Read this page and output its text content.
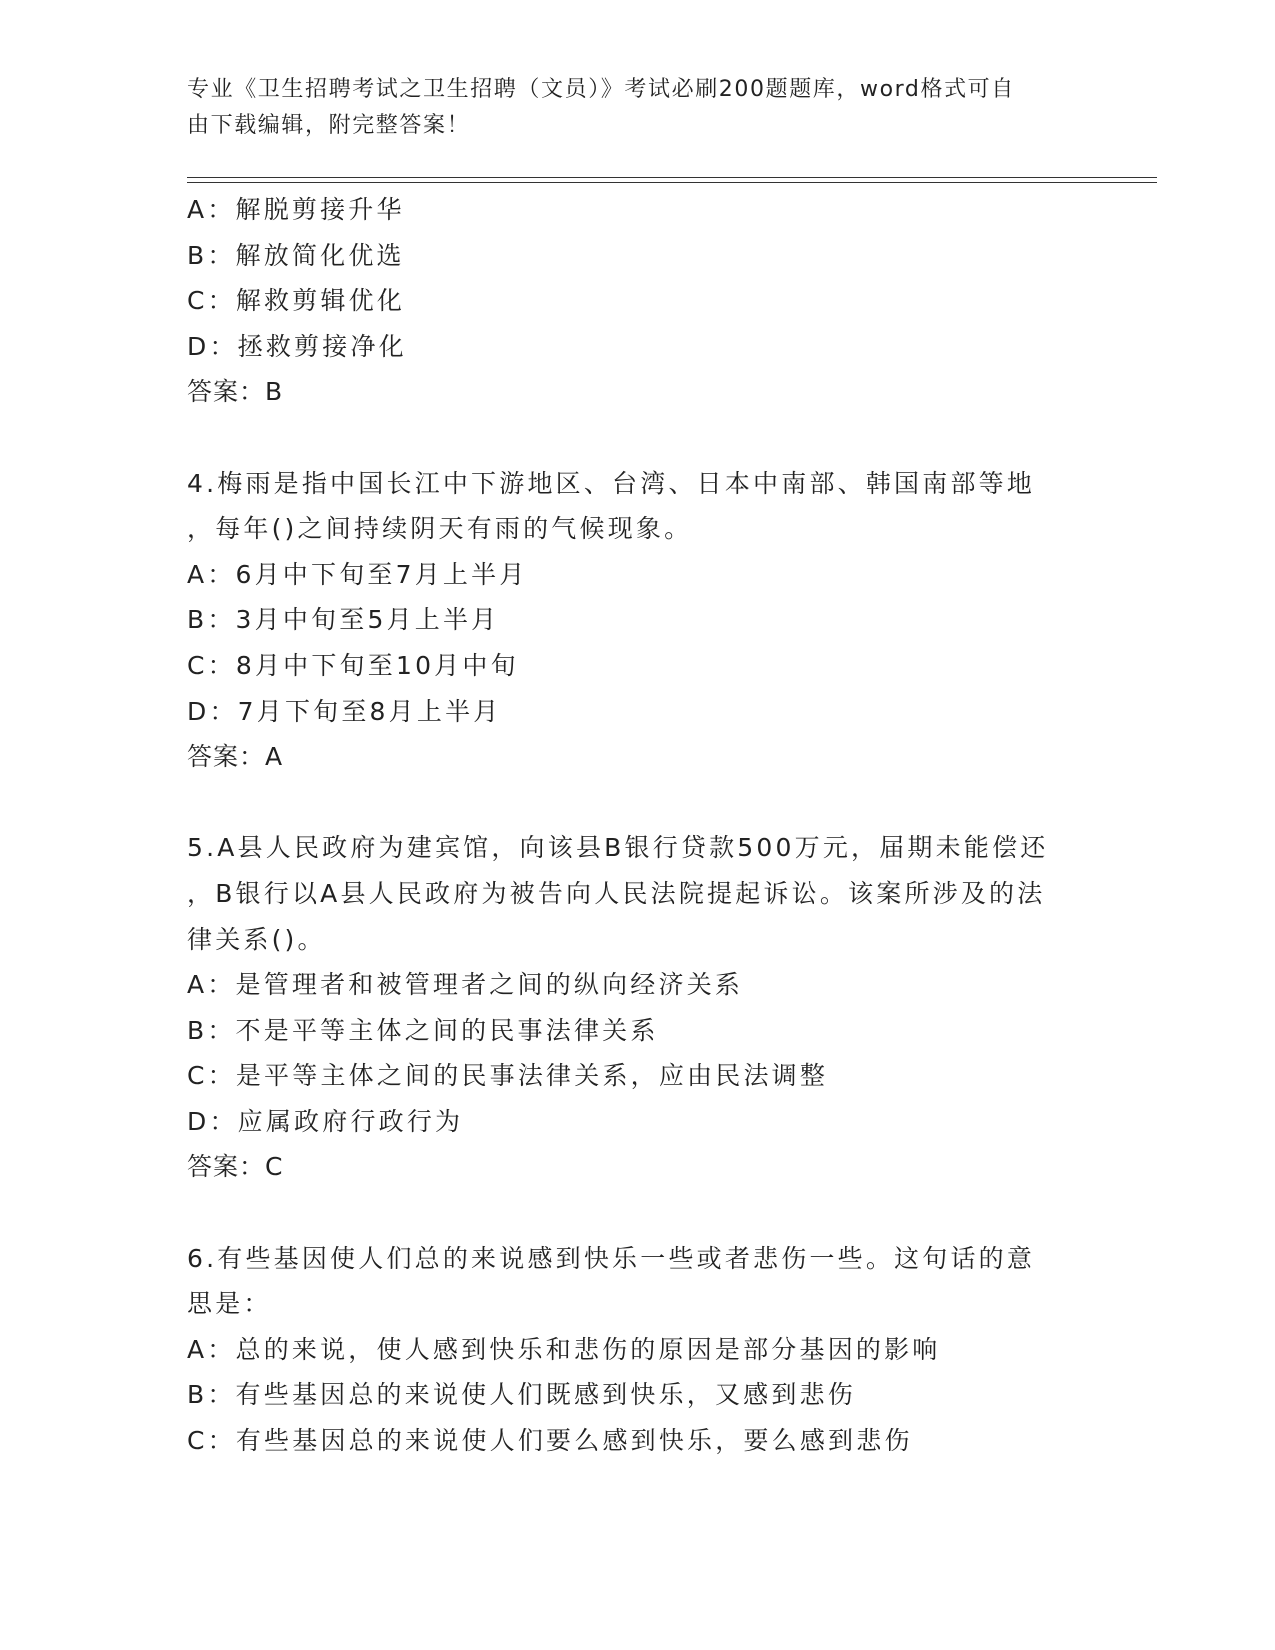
专业《卫生招聘考试之卫生招聘（文员）》考试必刷200题题库，word格式可自
由下载编辑，附完整答案！
A：解脱剪接升华
B：解放简化优选
C：解救剪辑优化
D：拯救剪接净化
答案：B
4.梅雨是指中国长江中下游地区、台湾、日本中南部、韩国南部等地
，每年()之间持续阴天有雨的气候现象。
A：6月中下旬至7月上半月
B：3月中旬至5月上半月
C：8月中下旬至10月中旬
D：7月下旬至8月上半月
答案：A
5.A县人民政府为建宾馆，向该县B银行贷款500万元，届期未能偿还
，B银行以A县人民政府为被告向人民法院提起诉讼。该案所涉及的法
律关系()。
A：是管理者和被管理者之间的纵向经济关系
B：不是平等主体之间的民事法律关系
C：是平等主体之间的民事法律关系，应由民法调整
D：应属政府行政行为
答案：C
6.有些基因使人们总的来说感到快乐一些或者悲伤一些。这句话的意
思是：
A：总的来说，使人感到快乐和悲伤的原因是部分基因的影响
B：有些基因总的来说使人们既感到快乐，又感到悲伤
C：有些基因总的来说使人们要么感到快乐，要么感到悲伤
